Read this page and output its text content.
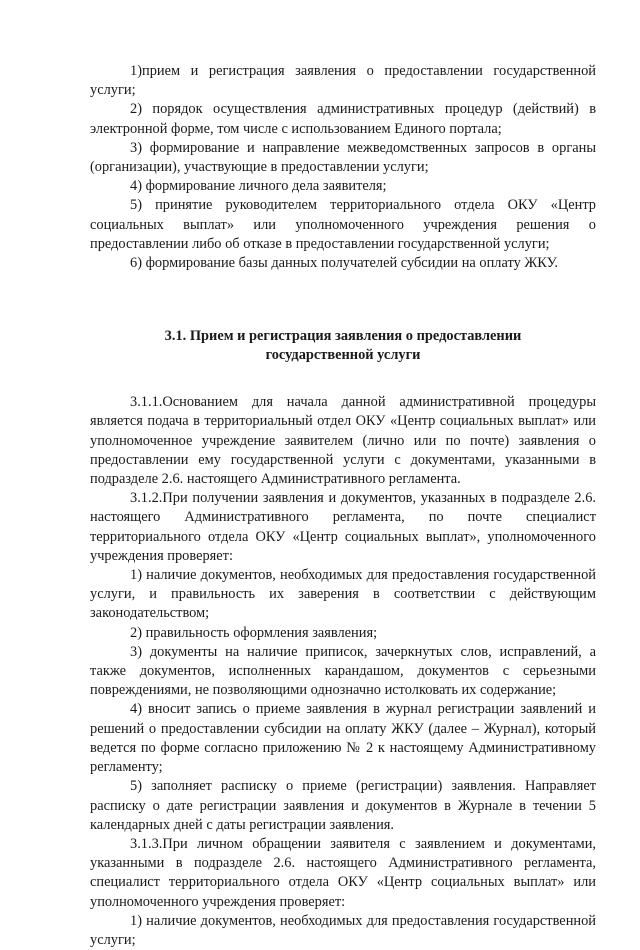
1)прием и регистрация заявления о предоставлении государственной услуги;

2) порядок осуществления административных процедур (действий) в электронной форме, том числе с использованием Единого портала;

3) формирование и направление межведомственных запросов в органы (организации), участвующие в предоставлении услуги;

4) формирование личного дела заявителя;

5) принятие руководителем территориального отдела ОКУ «Центр социальных выплат» или уполномоченного учреждения решения о предоставлении либо об отказе в предоставлении государственной услуги;

6) формирование базы данных получателей субсидии на оплату ЖКУ.

3.1. Прием и регистрация заявления о предоставлении
государственной услуги

3.1.1.Основанием для начала данной административной процедуры является подача в территориальный отдел ОКУ «Центр социальных выплат» или уполномоченное учреждение заявителем (лично или по почте) заявления о предоставлении ему государственной услуги с документами, указанными в подразделе 2.6. настоящего Административного регламента.

3.1.2.При получении заявления и документов, указанных в подразделе 2.6. настоящего Административного регламента, по почте специалист территориального отдела ОКУ «Центр социальных выплат», уполномоченного учреждения проверяет:

1) наличие документов, необходимых для предоставления государственной услуги, и правильность их заверения в соответствии с действующим законодательством;

2) правильность оформления заявления;

3) документы на наличие приписок, зачеркнутых слов, исправлений, а также документов, исполненных карандашом, документов с серьезными повреждениями, не позволяющими однозначно истолковать их содержание;

4) вносит запись о приеме заявления в журнал регистрации заявлений и решений о предоставлении субсидии на оплату ЖКУ (далее – Журнал), который ведется по форме согласно приложению № 2 к настоящему Административному регламенту;

5) заполняет расписку о приеме (регистрации) заявления. Направляет расписку о дате регистрации заявления и документов в Журнале в течении 5 календарных дней с даты регистрации заявления.

3.1.3.При личном обращении заявителя с заявлением и документами, указанными в подразделе 2.6. настоящего Административного регламента, специалист территориального отдела ОКУ «Центр социальных выплат» или уполномоченного учреждения проверяет:

1) наличие документов, необходимых для предоставления государственной услуги;
